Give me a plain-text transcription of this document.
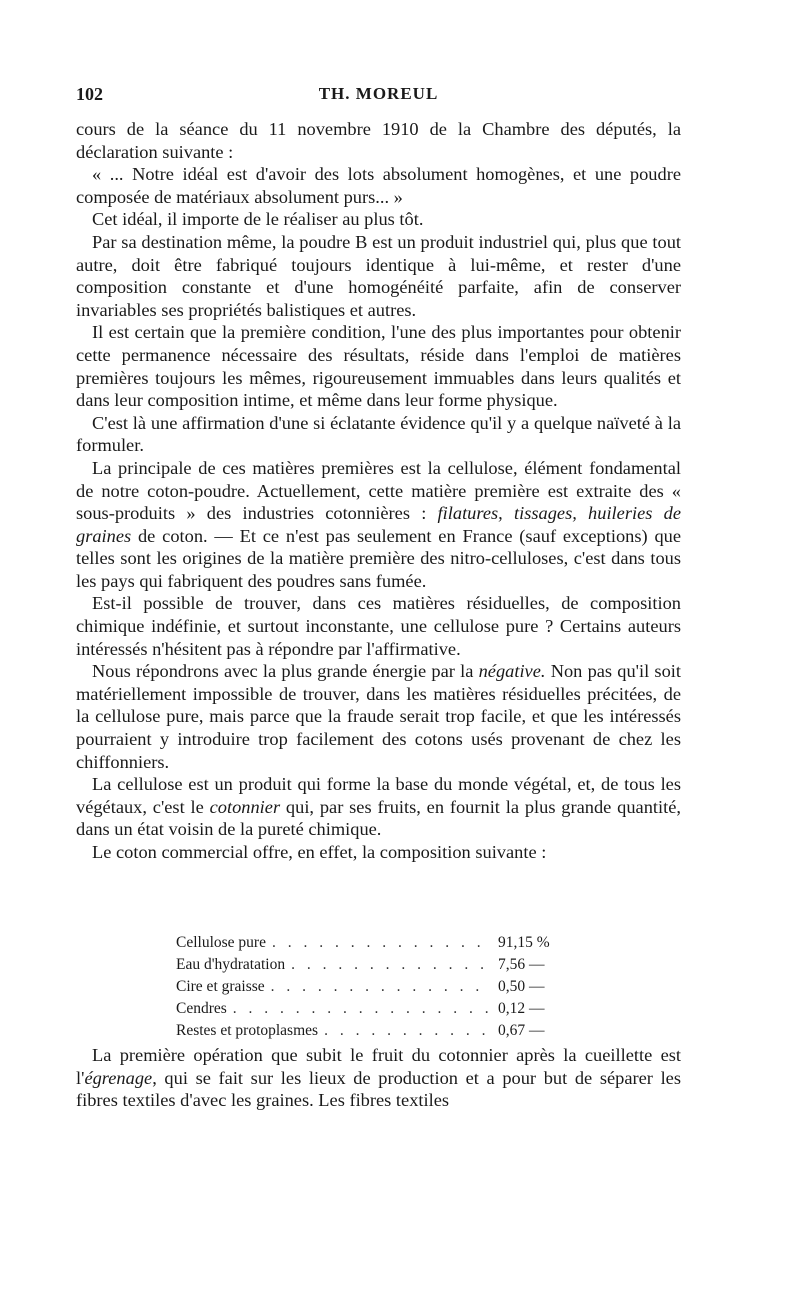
102	TH. MOREUL

cours de la séance du 11 novembre 1910 de la Chambre des députés, la déclaration suivante :

« ... Notre idéal est d'avoir des lots absolument homogènes, et une poudre composée de matériaux absolument purs... »

Cet idéal, il importe de le réaliser au plus tôt.

Par sa destination même, la poudre B est un produit industriel qui, plus que tout autre, doit être fabriqué toujours identique à lui-même, et rester d'une composition constante et d'une homogénéité parfaite, afin de conserver invariables ses propriétés balistiques et autres.

Il est certain que la première condition, l'une des plus importantes pour obtenir cette permanence nécessaire des résultats, réside dans l'emploi de matières premières toujours les mêmes, rigoureusement immuables dans leurs qualités et dans leur composition intime, et même dans leur forme physique.

C'est là une affirmation d'une si éclatante évidence qu'il y a quelque naïveté à la formuler.

La principale de ces matières premières est la cellulose, élément fondamental de notre coton-poudre. Actuellement, cette matière première est extraite des « sous-produits » des industries cotonnières : filatures, tissages, huileries de graines de coton. — Et ce n'est pas seulement en France (sauf exceptions) que telles sont les origines de la matière première des nitro-celluloses, c'est dans tous les pays qui fabriquent des poudres sans fumée.

Est-il possible de trouver, dans ces matières résiduelles, de composition chimique indéfinie, et surtout inconstante, une cellulose pure ? Certains auteurs intéressés n'hésitent pas à répondre par l'affirmative.

Nous répondrons avec la plus grande énergie par la négative. Non pas qu'il soit matériellement impossible de trouver, dans les matières résiduelles précitées, de la cellulose pure, mais parce que la fraude serait trop facile, et que les intéressés pourraient y introduire trop facilement des cotons usés provenant de chez les chiffonniers.

La cellulose est un produit qui forme la base du monde végétal, et, de tous les végétaux, c'est le cotonnier qui, par ses fruits, en fournit la plus grande quantité, dans un état voisin de la pureté chimique.

Le coton commercial offre, en effet, la composition suivante :

Cellulose pure . . .	91,15 %
Eau d'hydratation . . .	7,56 —
Cire et graisse . . .	0,50 —
Cendres . . .	0,12 —
Restes et protoplasmes . . .	0,67 —

La première opération que subit le fruit du cotonnier après la cueillette est l'égrenage, qui se fait sur les lieux de production et a pour but de séparer les fibres textiles d'avec les graines. Les fibres textiles
